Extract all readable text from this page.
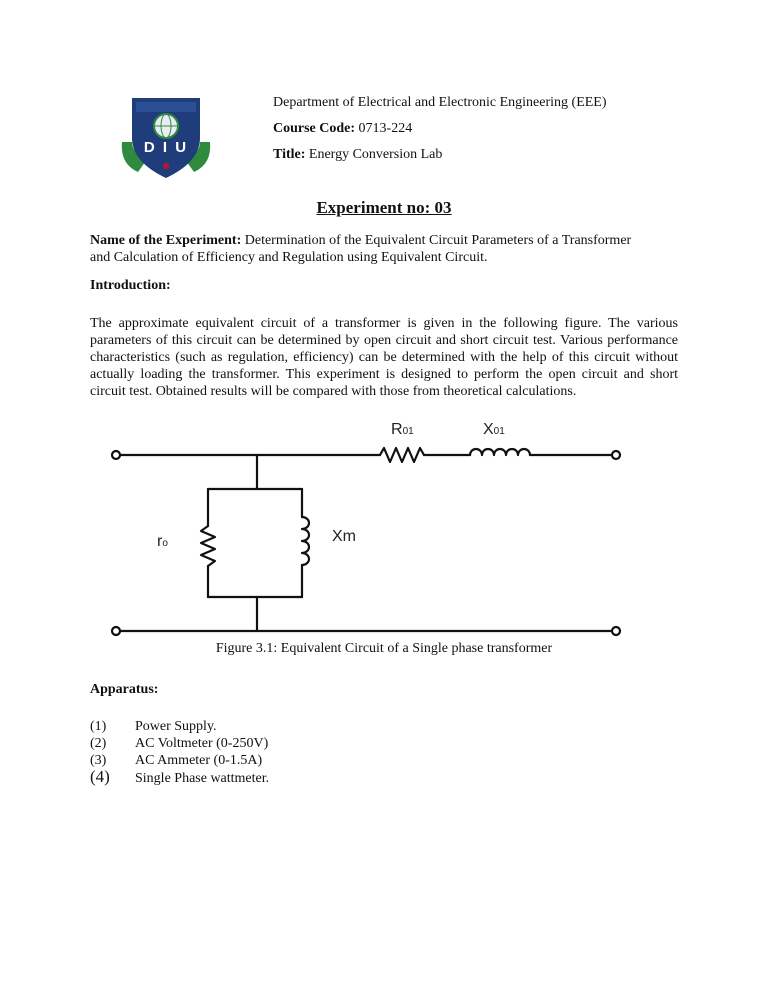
D I U
Department of Electrical and Electronic Engineering (EEE)
Course Code: 0713-224
Title: Energy Conversion Lab
Experiment no: 03
Name of the Experiment: Determination of the Equivalent Circuit Parameters of a Transformer
and Calculation of Efficiency and Regulation using Equivalent Circuit.
Introduction:
The approximate equivalent circuit of a transformer is given in the following figure. The various parameters of this circuit can be determined by open circuit and short circuit test. Various performance characteristics (such as regulation, efficiency) can be determined with the help of this circuit without actually loading the transformer. This experiment is designed to perform the open circuit and short circuit test. Obtained results will be compared with those from theoretical calculations.
R01	X01
ro	Xm
Figure 3.1: Equivalent Circuit of a Single phase transformer
Apparatus:
(1) Power Supply.
(2) AC Voltmeter (0-250V)
(3) AC Ammeter (0-1.5A)
(4) Single Phase wattmeter.
